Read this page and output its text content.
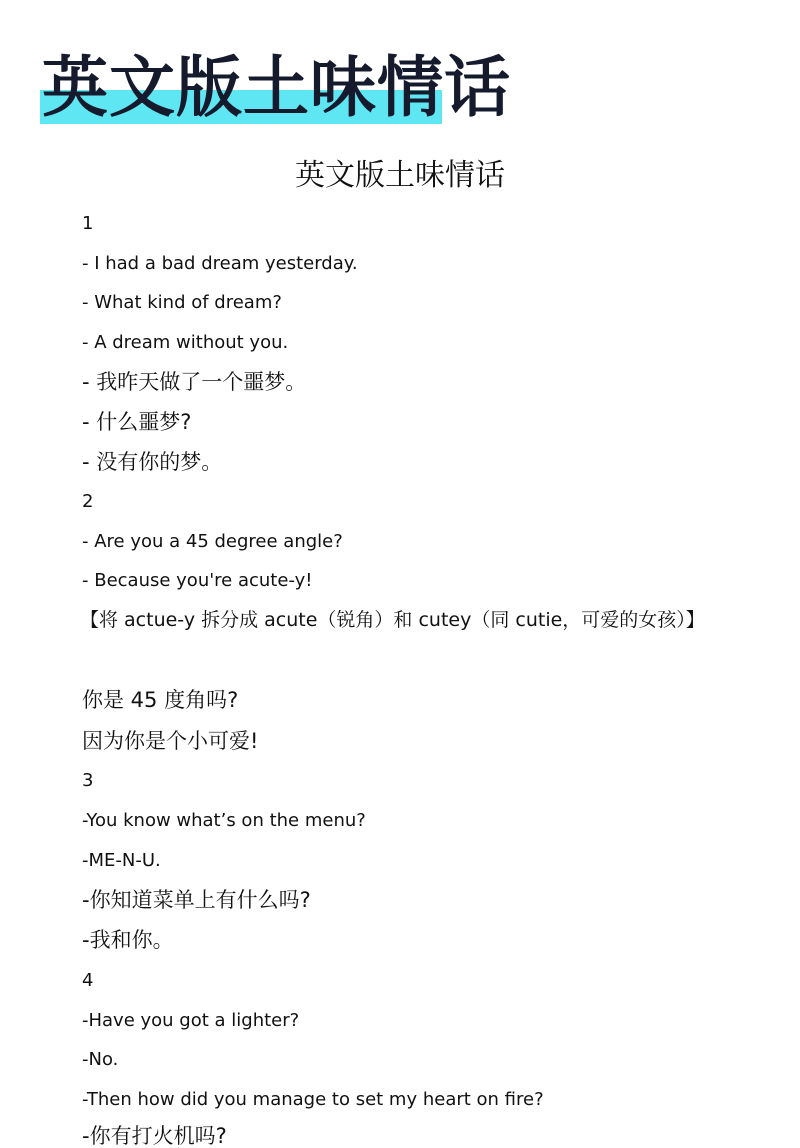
英文版土味情话
英文版土味情话
1
- I had a bad dream yesterday.
- What kind of dream?
- A dream without you.
- 我昨天做了一个噩梦。
- 什么噩梦?
- 没有你的梦。
2
- Are you a 45 degree angle?
- Because you're acute-y!
【将 actue-y 拆分成 acute（锐角）和 cutey（同 cutie，可爱的女孩）】
你是 45 度角吗?
因为你是个小可爱!
3
-You know what’s on the menu?
-ME-N-U.
-你知道菜单上有什么吗?
-我和你。
4
-Have you got a lighter?
-No.
-Then how did you manage to set my heart on fire?
-你有打火机吗?
